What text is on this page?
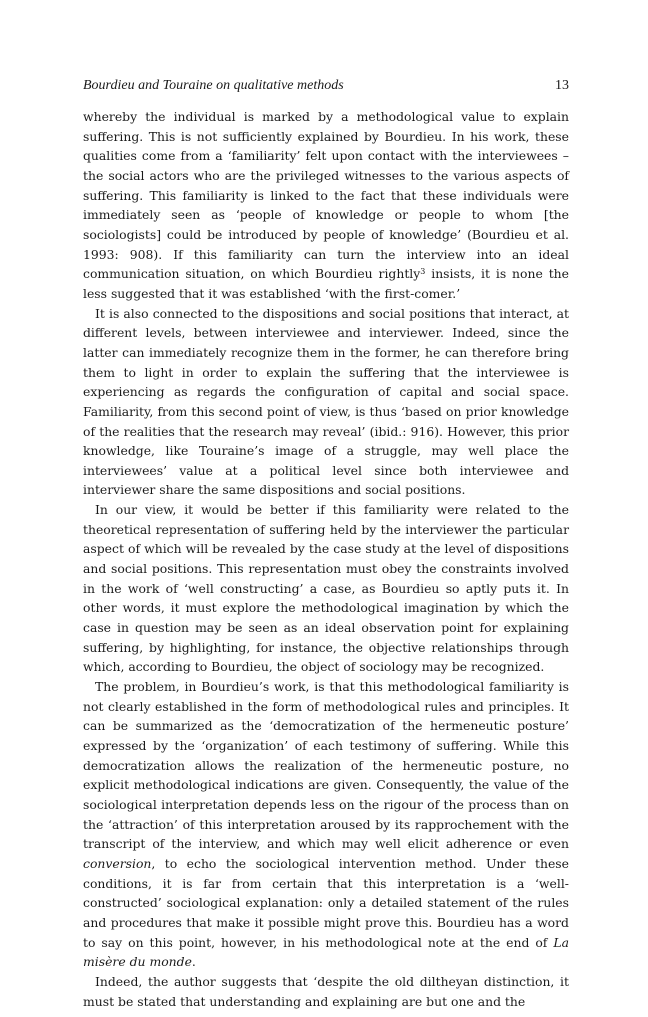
Bourdieu and Touraine on qualitative methods	13

whereby the individual is marked by a methodological value to explain suffering. This is not sufficiently explained by Bourdieu. In his work, these qualities come from a ‘familiarity’ felt upon contact with the interviewees – the social actors who are the privileged witnesses to the various aspects of suffering. This familiarity is linked to the fact that these individuals were immediately seen as ‘people of knowledge or people to whom [the sociologists] could be introduced by people of knowledge’ (Bourdieu et al. 1993: 908). If this familiarity can turn the interview into an ideal communication situation, on which Bourdieu rightly$^3$ insists, it is none the less suggested that it was established ‘with the first-comer.’

It is also connected to the dispositions and social positions that interact, at different levels, between interviewee and interviewer. Indeed, since the latter can immediately recognize them in the former, he can therefore bring them to light in order to explain the suffering that the interviewee is experiencing as regards the configuration of capital and social space. Familiarity, from this second point of view, is thus ‘based on prior knowledge of the realities that the research may reveal’ (ibid.: 916). However, this prior knowledge, like Touraine’s image of a struggle, may well place the interviewees’ value at a political level since both interviewee and interviewer share the same dispositions and social positions.

In our view, it would be better if this familiarity were related to the theoretical representation of suffering held by the interviewer the particular aspect of which will be revealed by the case study at the level of dispositions and social positions. This representation must obey the constraints involved in the work of ‘well constructing’ a case, as Bourdieu so aptly puts it. In other words, it must explore the methodological imagination by which the case in question may be seen as an ideal observation point for explaining suffering, by highlighting, for instance, the objective relationships through which, according to Bourdieu, the object of sociology may be recognized.

The problem, in Bourdieu’s work, is that this methodological familiarity is not clearly established in the form of methodological rules and principles. It can be summarized as the ‘democratization of the hermeneutic posture’ expressed by the ‘organization’ of each testimony of suffering. While this democratization allows the realization of the hermeneutic posture, no explicit methodological indications are given. Consequently, the value of the sociological interpretation depends less on the rigour of the process than on the ‘attraction’ of this interpretation aroused by its rapprochement with the transcript of the interview, and which may well elicit adherence or even conversion, to echo the sociological intervention method. Under these conditions, it is far from certain that this interpretation is a ‘well-constructed’ sociological explanation: only a detailed statement of the rules and procedures that make it possible might prove this. Bourdieu has a word to say on this point, however, in his methodological note at the end of La misère du monde.

Indeed, the author suggests that ‘despite the old diltheyan distinction, it must be stated that understanding and explaining are but one and the
